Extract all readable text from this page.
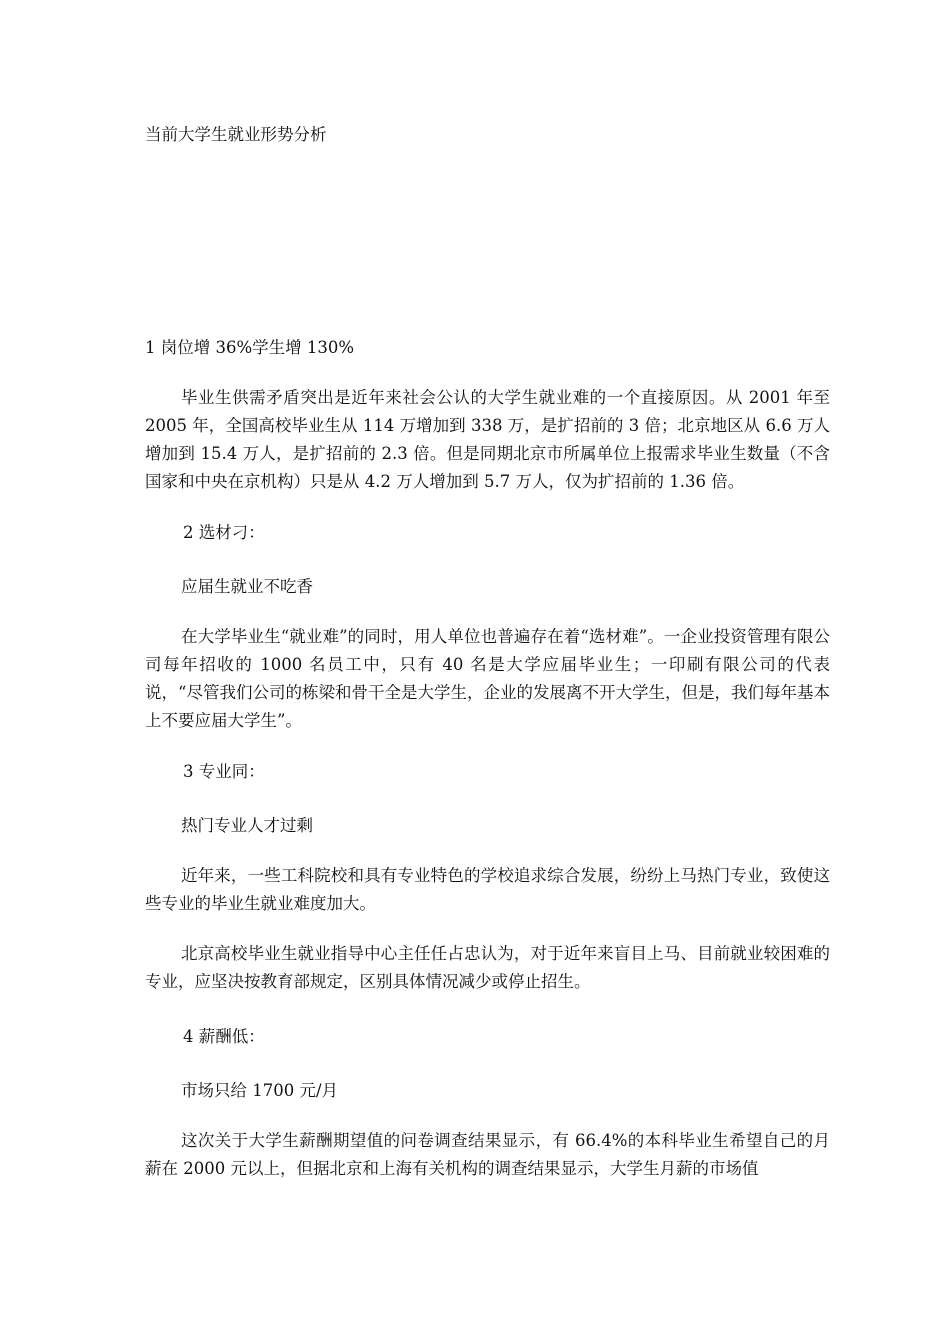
当前大学生就业形势分析
1 岗位增 36%学生增 130%

毕业生供需矛盾突出是近年来社会公认的大学生就业难的一个直接原因。从 2001 年至 2005 年，全国高校毕业生从 114 万增加到 338 万，是扩招前的 3 倍；北京地区从 6.6 万人增加到 15.4 万人，是扩招前的 2.3 倍。但是同期北京市所属单位上报需求毕业生数量（不含国家和中央在京机构）只是从 4.2 万人增加到 5.7 万人，仅为扩招前的 1.36 倍。

2 选材刁：
应届生就业不吃香

在大学毕业生“就业难”的同时，用人单位也普遍存在着“选材难”。一企业投资管理有限公司每年招收的 1000 名员工中，只有 40 名是大学应届毕业生；一印刷有限公司的代表说，“尽管我们公司的栋梁和骨干全是大学生，企业的发展离不开大学生，但是，我们每年基本上不要应届大学生”。

3 专业同：
热门专业人才过剩

近年来，一些工科院校和具有专业特色的学校追求综合发展，纷纷上马热门专业，致使这些专业的毕业生就业难度加大。

北京高校毕业生就业指导中心主任任占忠认为，对于近年来盲目上马、目前就业较困难的专业，应坚决按教育部规定，区别具体情况减少或停止招生。

4 薪酬低：
市场只给 1700 元/月

这次关于大学生薪酬期望值的问卷调查结果显示，有 66.4%的本科毕业生希望自己的月薪在 2000 元以上，但据北京和上海有关机构的调查结果显示，大学生月薪的市场值
